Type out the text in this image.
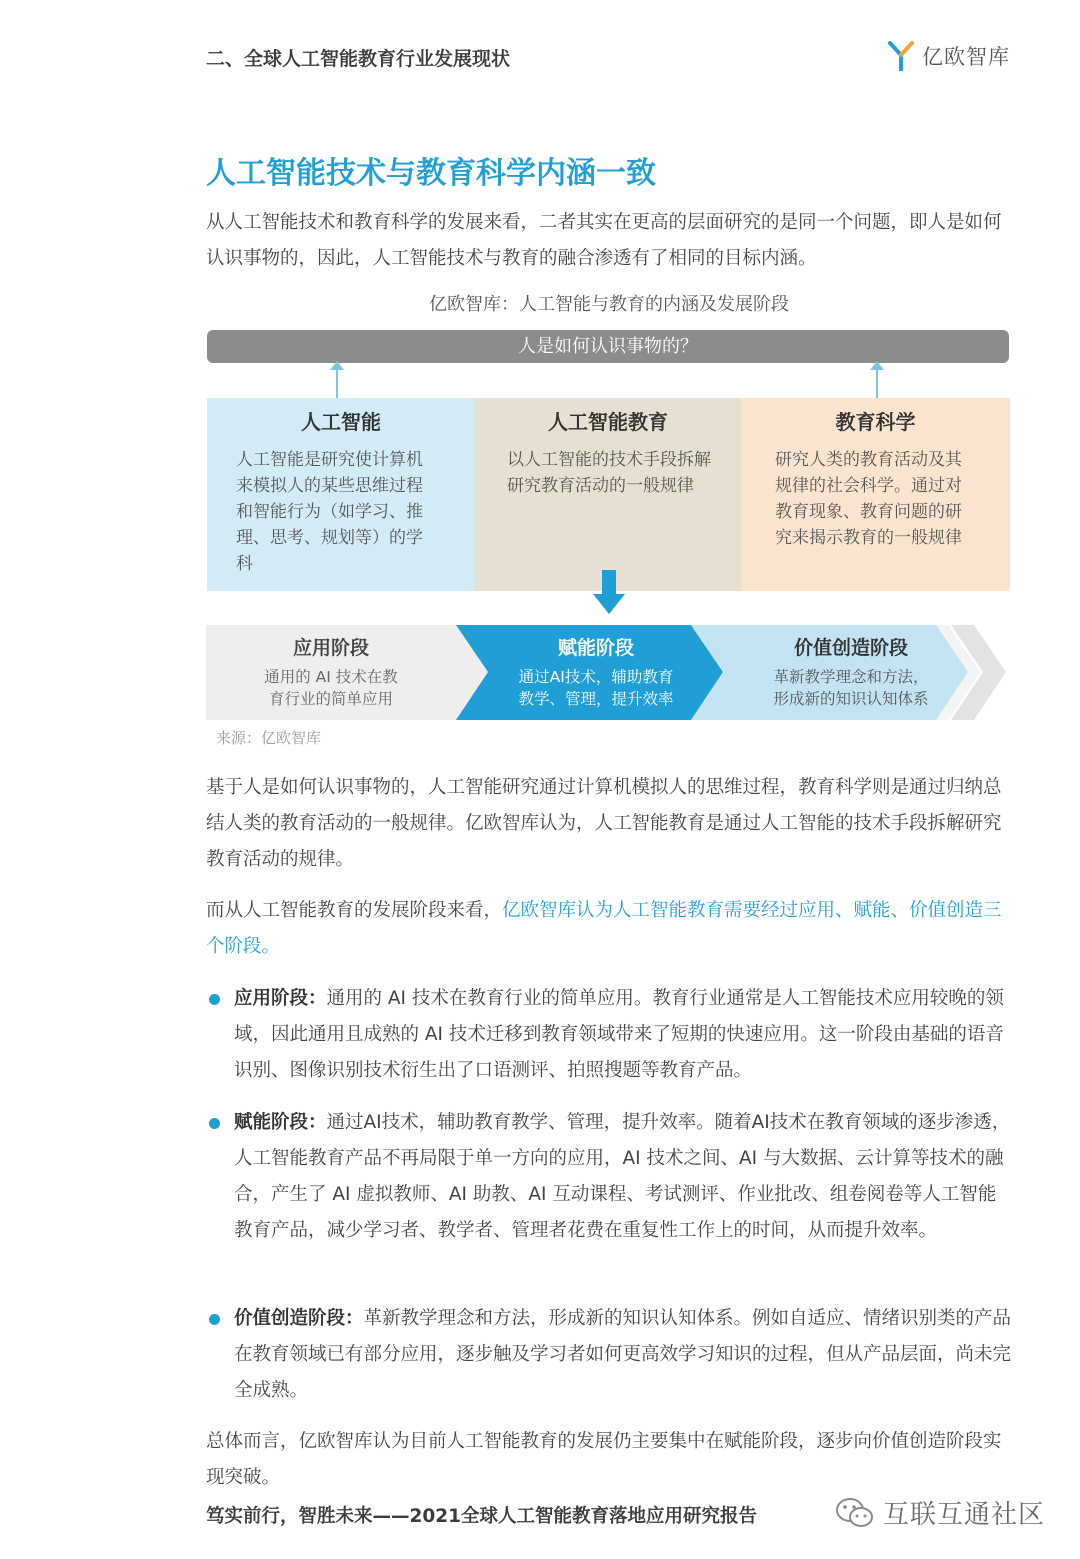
二、全球人工智能教育行业发展现状	亿欧智库
人工智能技术与教育科学内涵一致
从人工智能技术和教育科学的发展来看，二者其实在更高的层面研究的是同一个问题，即人是如何认识事物的，因此，人工智能技术与教育的融合渗透有了相同的目标内涵。
亿欧智库：人工智能与教育的内涵及发展阶段
人是如何认识事物的？
人工智能

人工智能是研究使计算机来模拟人的某些思维过程和智能行为（如学习、推理、思考、规划等）的学科

人工智能教育

以人工智能的技术手段拆解研究教育活动的一般规律

教育科学

研究人类的教育活动及其规律的社会科学。通过对教育现象、教育问题的研究来揭示教育的一般规律

应用阶段

通用的 AI 技术在教

育行业的简单应用

赋能阶段

通过AI技术，辅助教育

教学、管理，提升效率

价值创造阶段

革新教学理念和方法，

形成新的知识认知体系

来源：亿欧智库
基于人是如何认识事物的，人工智能研究通过计算机模拟人的思维过程，教育科学则是通过归纳总结人类的教育活动的一般规律。亿欧智库认为，人工智能教育是通过人工智能的技术手段拆解研究教育活动的规律。
而从人工智能教育的发展阶段来看，亿欧智库认为人工智能教育需要经过应用、赋能、价值创造三个阶段。
应用阶段：通用的 AI 技术在教育行业的简单应用。教育行业通常是人工智能技术应用较晚的领域，因此通用且成熟的 AI 技术迁移到教育领域带来了短期的快速应用。这一阶段由基础的语音识别、图像识别技术衍生出了口语测评、拍照搜题等教育产品。
赋能阶段：通过AI技术，辅助教育教学、管理，提升效率。随着AI技术在教育领域的逐步渗透，人工智能教育产品不再局限于单一方向的应用，AI 技术之间、AI 与大数据、云计算等技术的融合，产生了 AI 虚拟教师、AI 助教、AI 互动课程、考试测评、作业批改、组卷阅卷等人工智能教育产品，减少学习者、教学者、管理者花费在重复性工作上的时间，从而提升效率。
价值创造阶段：革新教学理念和方法，形成新的知识认知体系。例如自适应、情绪识别类的产品在教育领域已有部分应用，逐步触及学习者如何更高效学习知识的过程，但从产品层面，尚未完全成熟。
总体而言，亿欧智库认为目前人工智能教育的发展仍主要集中在赋能阶段，逐步向价值创造阶段实现突破。
笃实前行，智胜未来——2021全球人工智能教育落地应用研究报告	互联互通社区
